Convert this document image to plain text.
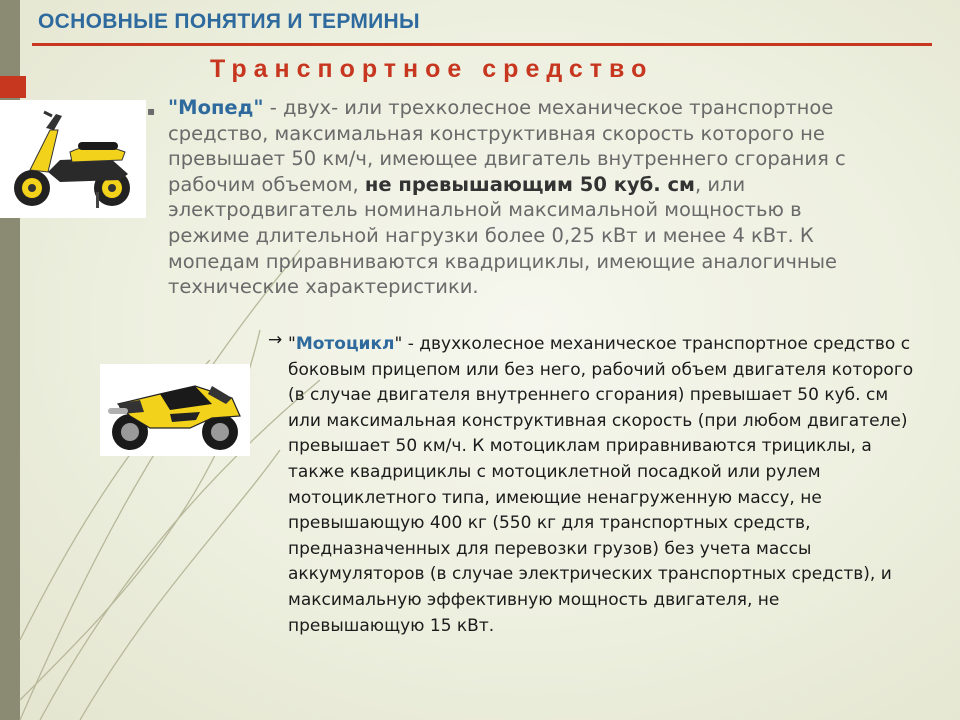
ОСНОВНЫЕ ПОНЯТИЯ И ТЕРМИНЫ
Транспортное средство
▪ "Мопед" - двух- или трехколесное механическое транспортное средство, максимальная конструктивная скорость которого не превышает 50 км/ч, имеющее двигатель внутреннего сгорания с рабочим объемом, не превышающим 50 куб. см, или электродвигатель номинальной максимальной мощностью в режиме длительной нагрузки более 0,25 кВт и менее 4 кВт. К мопедам приравниваются квадрициклы, имеющие аналогичные технические характеристики.
→ "Мотоцикл" - двухколесное механическое транспортное средство с боковым прицепом или без него, рабочий объем двигателя которого (в случае двигателя внутреннего сгорания) превышает 50 куб. см или максимальная конструктивная скорость (при любом двигателе) превышает 50 км/ч. К мотоциклам приравниваются трициклы, а также квадрициклы с мотоциклетной посадкой или рулем мотоциклетного типа, имеющие ненагруженную массу, не превышающую 400 кг (550 кг для транспортных средств, предназначенных для перевозки грузов) без учета массы аккумуляторов (в случае электрических транспортных средств), и максимальную эффективную мощность двигателя, не превышающую 15 кВт.
